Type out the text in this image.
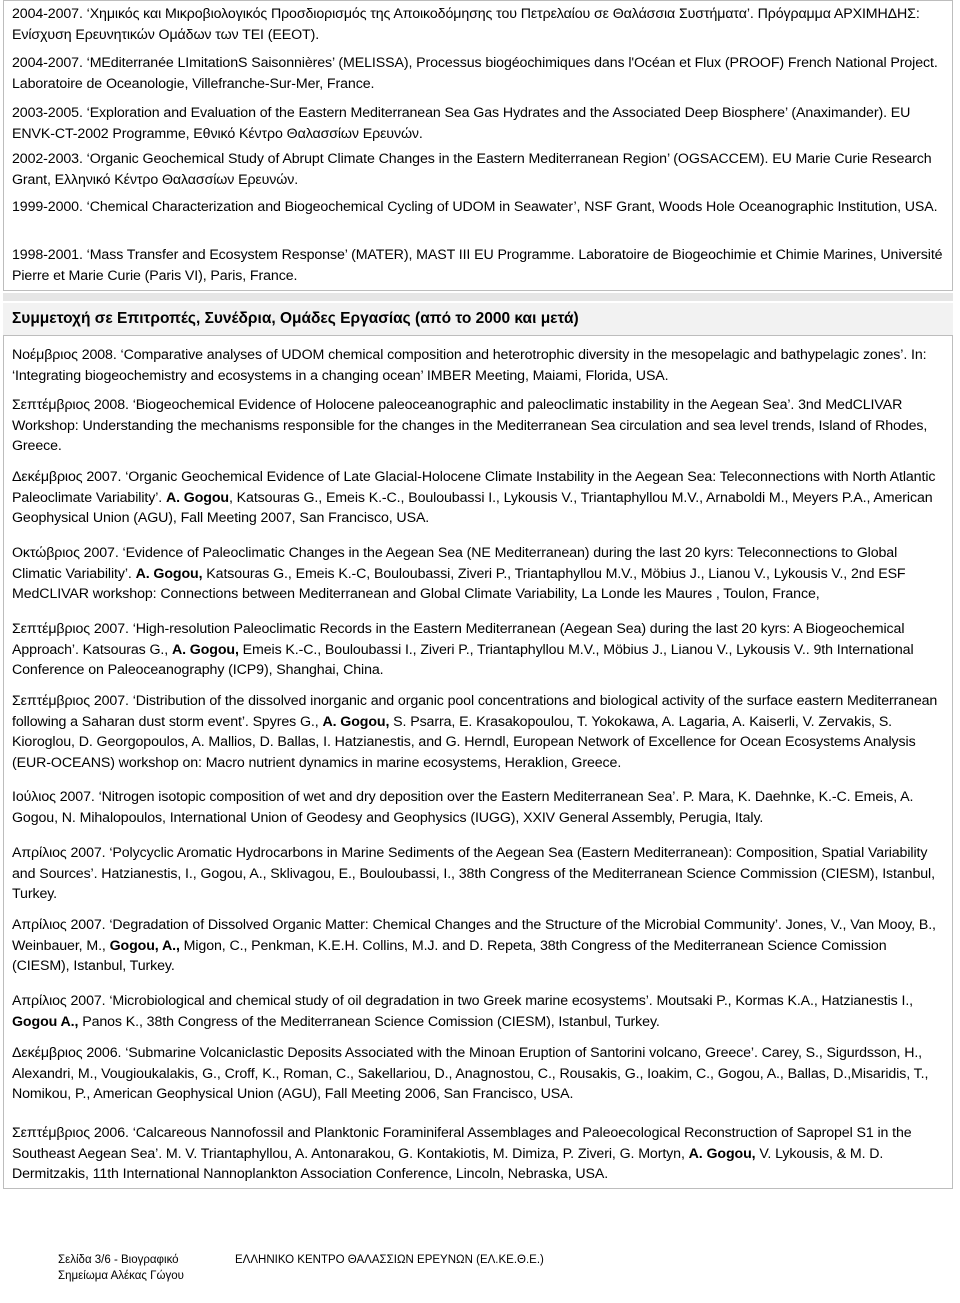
2004-2007. ‘Χημικός και Μικροβιολογικός Προσδιορισμός της Αποικοδόμησης του Πετρελαίου σε Θαλάσσια Συστήματα’. Πρόγραμμα ΑΡΧΙΜΗΔΗΣ: Ενίσχυση Ερευνητικών Ομάδων των ΤΕΙ (ΕΕΟΤ).

2004-2007. ‘MEditerranée LImitationS Saisonnières’ (MELISSA), Processus biogéochimiques dans l'Océan et Flux (PROOF) French National Project. Laboratoire de Oceanologie, Villefranche-Sur-Mer, France.

2003-2005. ‘Exploration and Evaluation of the Eastern Mediterranean Sea Gas Hydrates and the Associated Deep Biosphere’ (Anaximander). EU ENVK-CT-2002 Programme, Εθνικό Κέντρο Θαλασσίων Ερευνών.

2002-2003. ‘Organic Geochemical Study of Abrupt Climate Changes in the Eastern Mediterranean Region’ (OGSACCEM). EU Marie Curie Research Grant, Ελληνικό Κέντρο Θαλασσίων Ερευνών.

1999-2000. ‘Chemical Characterization and Biogeochemical Cycling of UDOM in Seawater’, NSF Grant, Woods Hole Oceanographic Institution, USA.

1998-2001. ‘Mass Transfer and Ecosystem Response’ (MATER), MAST III EU Programme. Laboratoire de Biogeochimie et Chimie Marines, Université Pierre et Marie Curie (Paris VI), Paris, France.

Συμμετοχή σε Επιτροπές, Συνέδρια, Ομάδες Εργασίας (από το 2000 και μετά)

Νοέμβριος 2008. ‘Comparative analyses of UDOM chemical composition and heterotrophic diversity in the mesopelagic and bathypelagic zones’. In: ‘Integrating biogeochemistry and ecosystems in a changing ocean’ IMBER Meeting, Maiami, Florida, USA.

Σεπτέμβριος 2008. ‘Biogeochemical Evidence of Holocene paleoceanographic and paleoclimatic instability in the Aegean Sea’. 3nd MedCLIVAR Workshop: Understanding the mechanisms responsible for the changes in the Mediterranean Sea circulation and sea level trends, Island of Rhodes, Greece.

Δεκέμβριος 2007. ‘Organic Geochemical Evidence of Late Glacial-Holocene Climate Instability in the Aegean Sea: Teleconnections with North Atlantic Paleoclimate Variability’. A. Gogou, Katsouras G., Emeis K.-C., Bouloubassi I., Lykousis V., Triantaphyllou M.V., Arnaboldi M., Meyers P.A., American Geophysical Union (AGU), Fall Meeting 2007, San Francisco, USA.

Οκτώβριος 2007. ‘Evidence of Paleoclimatic Changes in the Aegean Sea (NE Mediterranean) during the last 20 kyrs: Teleconnections to Global Climatic Variability’. A. Gogou, Katsouras G., Emeis K.-C, Bouloubassi, Ziveri P., Triantaphyllou M.V., Möbius J., Lianou V., Lykousis V., 2nd ESF MedCLIVAR workshop: Connections between Mediterranean and Global Climate Variability, La Londe les Maures , Toulon, France,

Σεπτέμβριος 2007. ‘High-resolution Paleoclimatic Records in the Eastern Mediterranean (Aegean Sea) during the last 20 kyrs: A Biogeochemical Approach’. Katsouras G., A. Gogou, Emeis K.-C., Bouloubassi I., Ziveri P., Triantaphyllou M.V., Möbius J., Lianou V., Lykousis V.. 9th International Conference on Paleoceanography (ICP9), Shanghai, China.

Σεπτέμβριος 2007. ‘Distribution of the dissolved inorganic and organic pool concentrations and biological activity of the surface eastern Mediterranean following a Saharan dust storm event’. Spyres G., A. Gogou, S. Psarra, E. Krasakopoulou, T. Yokokawa, A. Lagaria, A. Kaiserli, V. Zervakis, S. Kioroglou, D. Georgopoulos, A. Mallios, D. Ballas, I. Hatzianestis, and G. Herndl, European Network of Excellence for Ocean Ecosystems Analysis (EUR-OCEANS) workshop on: Macro nutrient dynamics in marine ecosystems, Heraklion, Greece.

Ιούλιος 2007. ‘Nitrogen isotopic composition of wet and dry deposition over the Eastern Mediterranean Sea’. P. Mara, K. Daehnke, K.-C. Emeis, A. Gogou, N. Mihalopoulos, International Union of Geodesy and Geophysics (IUGG), XXIV General Assembly, Perugia, Italy.

Απρίλιος 2007. ‘Polycyclic Aromatic Hydrocarbons in Marine Sediments of the Aegean Sea (Eastern Mediterranean): Composition, Spatial Variability and Sources’. Hatzianestis, I., Gogou, A., Sklivagou, E., Bouloubassi, I., 38th Congress of the Mediterranean Science Commission (CIESM), Istanbul, Turkey.

Απρίλιος 2007. ‘Degradation of Dissolved Organic Matter: Chemical Changes and the Structure of the Microbial Community’. Jones, V., Van Mooy, B., Weinbauer, M., Gogou, A., Migon, C., Penkman, K.E.H. Collins, M.J. and D. Repeta, 38th Congress of the Mediterranean Science Comission (CIESM), Istanbul, Turkey.

Απρίλιος 2007. ‘Microbiological and chemical study of oil degradation in two Greek marine ecosystems’. Moutsaki P., Kormas K.A., Hatzianestis I., Gogou A., Panos K., 38th Congress of the Mediterranean Science Comission (CIESM), Istanbul, Turkey.

Δεκέμβριος 2006. ‘Submarine Volcaniclastic Deposits Associated with the Minoan Eruption of Santorini volcano, Greece’. Carey, S., Sigurdsson, H., Alexandri, M., Vougioukalakis, G., Croff, K., Roman, C., Sakellariou, D., Anagnostou, C., Rousakis, G., Ioakim, C., Gogou, A., Ballas, D.,Misaridis, T., Nomikou, P., American Geophysical Union (AGU), Fall Meeting 2006, San Francisco, USA.

Σεπτέμβριος 2006. ‘Calcareous Nannofossil and Planktonic Foraminiferal Assemblages and Paleoecological Reconstruction of Sapropel S1 in the Southeast Aegean Sea’. M. V. Triantaphyllou, A. Antonarakou, G. Kontakiotis, M. Dimiza, P. Ziveri, G. Mortyn, A. Gogou, V. Lykousis, & M. D. Dermitzakis, 11th International Nannoplankton Association Conference, Lincoln, Nebraska, USA.

Σελίδα 3/6 - Βιογραφικό Σημείωμα Αλέκας Γώγου
ΕΛΛΗΝΙΚΟ ΚΕΝΤΡΟ ΘΑΛΑΣΣΙΩΝ ΕΡΕΥΝΩΝ (ΕΛ.ΚΕ.Θ.Ε.)
